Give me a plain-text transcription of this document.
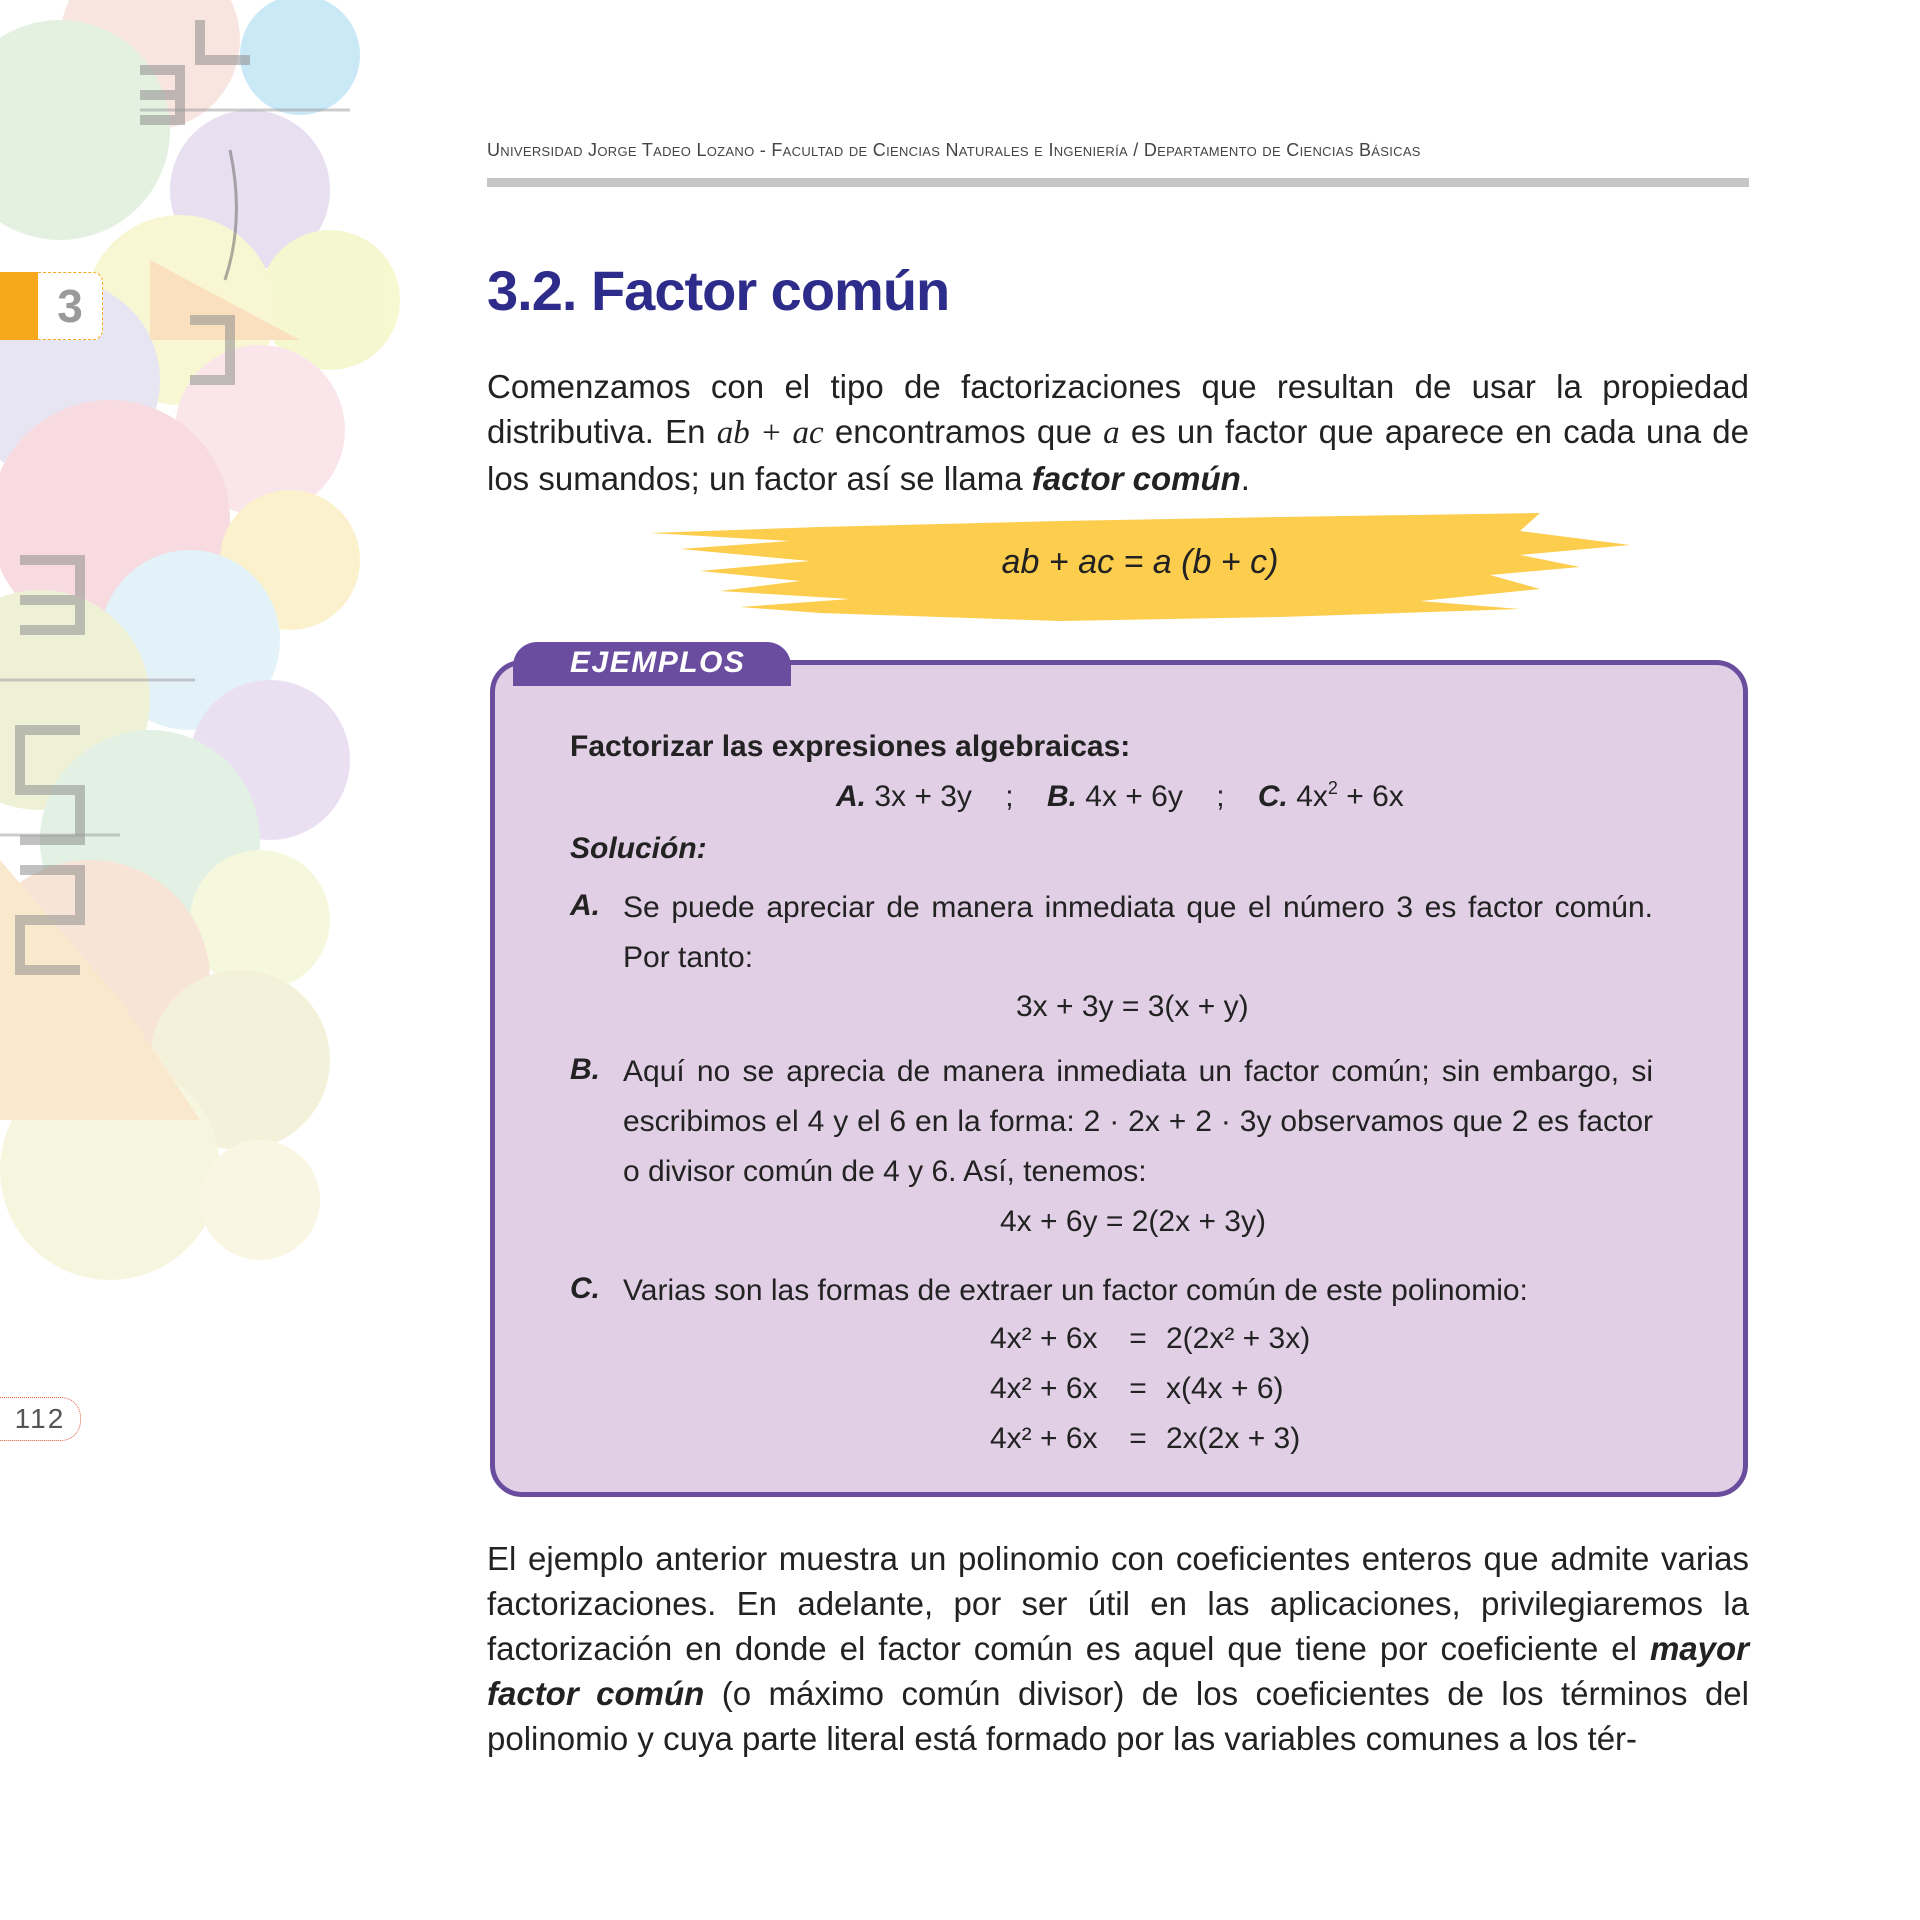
3
112
Universidad Jorge Tadeo Lozano - Facultad de Ciencias Naturales e Ingeniería / Departamento de Ciencias Básicas
3.2. Factor común
Comenzamos con el tipo de factorizaciones que resultan de usar la propiedad distributiva. En ab + ac encontramos que a es un factor que aparece en cada una de los sumandos; un factor así se llama factor común.
ab + ac = a (b + c)
EJEMPLOS
Factorizar las expresiones algebraicas:
A. 3x + 3y ; B. 4x + 6y ; C. $4x^2 + 6x$
Solución:
A. Se puede apreciar de manera inmediata que el número 3 es factor común. Por tanto:
3x + 3y = 3(x + y)
B. Aquí no se aprecia de manera inmediata un factor común; sin embargo, si escribimos el 4 y el 6 en la forma: 2 · 2x + 2 · 3y observamos que 2 es factor o divisor común de 4 y 6. Así, tenemos:
4x + 6y = 2(2x + 3y)
C. Varias son las formas de extraer un factor común de este polinomio:
4x² + 6x = 2(2x² + 3x)
4x² + 6x = x(4x + 6)
4x² + 6x = 2x(2x + 3)
El ejemplo anterior muestra un polinomio con coeficientes enteros que admite varias factorizaciones. En adelante, por ser útil en las aplicaciones, privilegiaremos la factorización en donde el factor común es aquel que tiene por coeficiente el mayor factor común (o máximo común divisor) de los coeficientes de los términos del polinomio y cuya parte literal está formado por las variables comunes a los tér-
